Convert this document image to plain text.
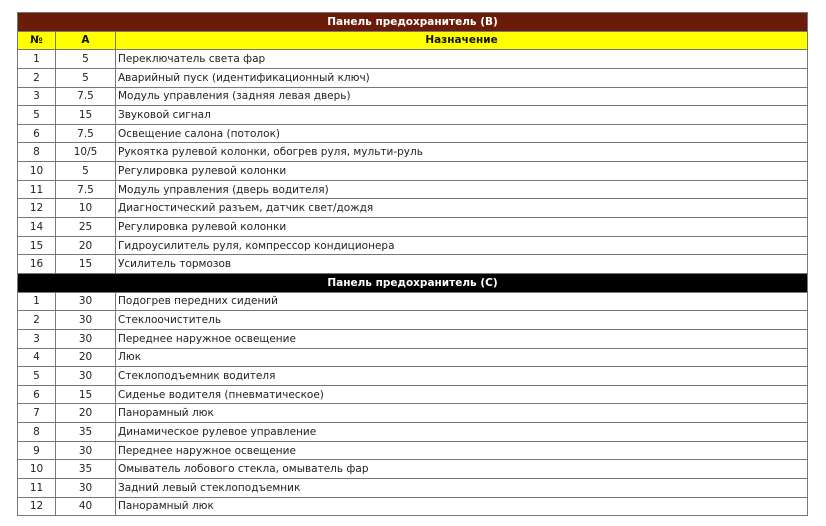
Панель предохранитель (В)		
№	А	Назначение
1	5	Переключатель света фар
2	5	Аварийный пуск (идентификационный ключ)
3	7.5	Модуль управления (задняя левая дверь)
5	15	Звуковой сигнал
6	7.5	Освещение салона (потолок)
8	10/5	Рукоятка рулевой колонки, обогрев руля, мульти-руль
10	5	Регулировка рулевой колонки
11	7.5	Модуль управления (дверь водителя)
12	10	Диагностический разъем, датчик свет/дождя
14	25	Регулировка рулевой колонки
15	20	Гидроусилитель руля, компрессор кондиционера
16	15	Усилитель тормозов
Панель предохранитель (С)		
1	30	Подогрев передних сидений
2	30	Стеклоочиститель
3	30	Переднее наружное освещение
4	20	Люк
5	30	Стеклоподъемник водителя
6	15	Сиденье водителя (пневматическое)
7	20	Панорамный люк
8	35	Динамическое рулевое управление
9	30	Переднее наружное освещение
10	35	Омыватель лобового стекла, омыватель фар
11	30	Задний левый стеклоподъемник
12	40	Панорамный люк
